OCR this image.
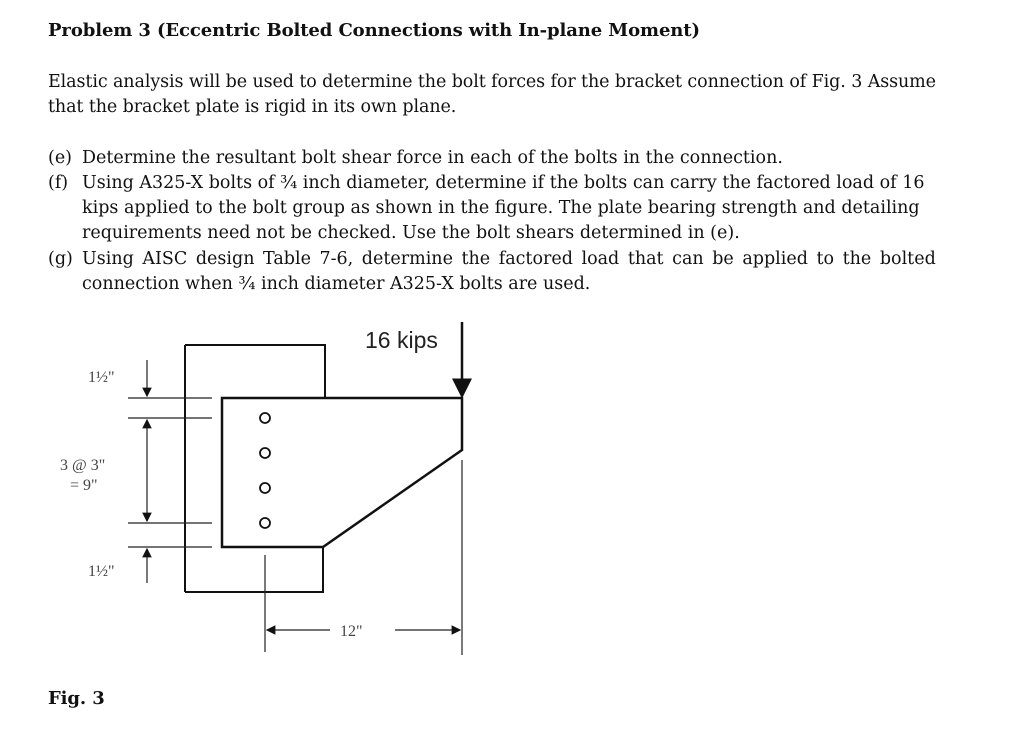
Problem 3 (Eccentric Bolted Connections with In-plane Moment)
Elastic analysis will be used to determine the bolt forces for the bracket connection of Fig. 3 Assume
that the bracket plate is rigid in its own plane.
(e) Determine the resultant bolt shear force in each of the bolts in the connection.
(f) Using A325-X bolts of ¾ inch diameter, determine if the bolts can carry the factored load of 16
kips applied to the bolt group as shown in the figure. The plate bearing strength and detailing
requirements need not be checked. Use the bolt shears determined in (e).
(g) Using AISC design Table 7-6, determine the factored load that can be applied to the bolted
connection when ¾ inch diameter A325-X bolts are used.
16 kips
1½"
3 @ 3"
= 9"
1½"
12"
Fig. 3
